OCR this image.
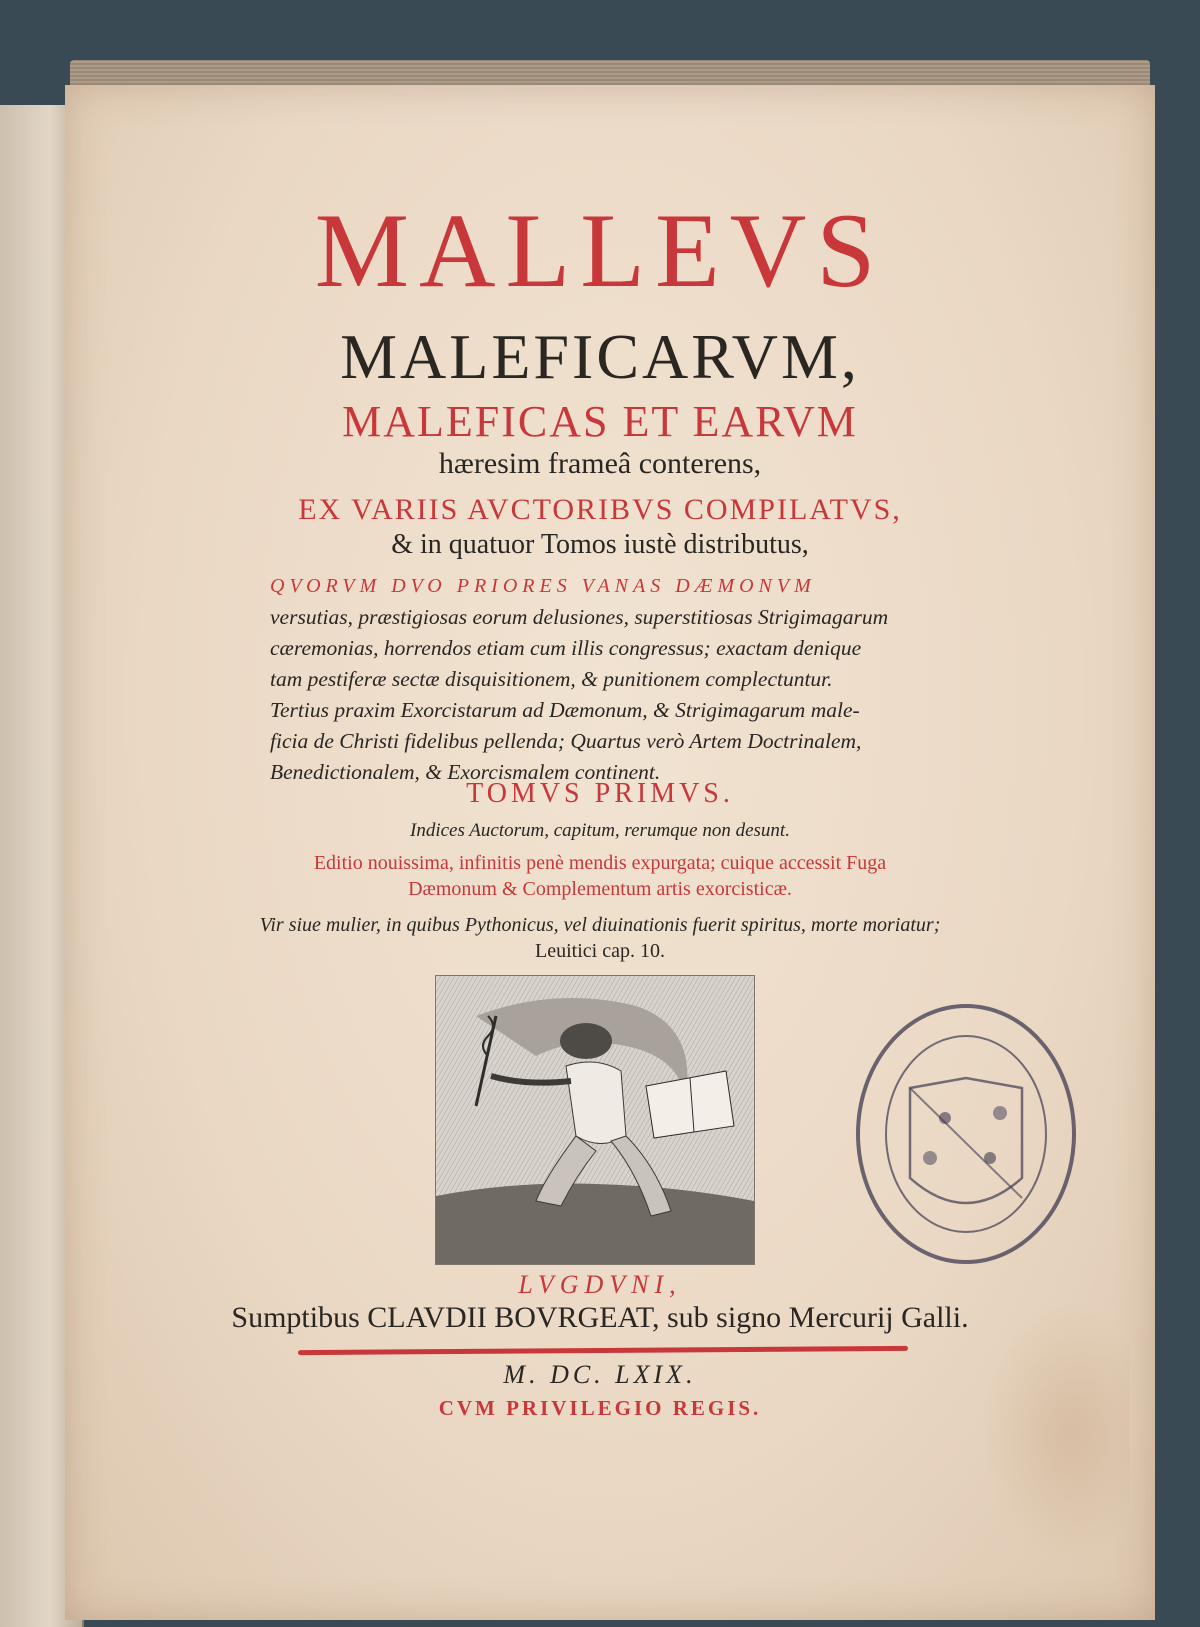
MALLEVS

MALEFICARVM,

MALEFICAS ET EARVM

hæresim frameâ conterens,

EX VARIIS AVCTORIBVS COMPILATVS,

& in quatuor Tomos iustè distributus,

QVORVM DVO PRIORES VANAS DÆMONVM
versutias, præstigiosas eorum delusiones, superstitiosas Strigimagarum
cæremonias, horrendos etiam cum illis congressus; exactam denique
tam pestiferæ sectæ disquisitionem, & punitionem complectuntur.
Tertius praxim Exorcistarum ad Dæmonum, & Strigimagarum male-
ficia de Christi fidelibus pellenda; Quartus verò Artem Doctrinalem,
Benedictionalem, & Exorcismalem continent.

TOMVS PRIMVS.

Indices Auctorum, capitum, rerumque non desunt.

Editio nouissima, infinitis penè mendis expurgata; cuique accessit Fuga
Dæmonum & Complementum artis exorcisticæ.

Vir siue mulier, in quibus Pythonicus, vel diuinationis fuerit spiritus, morte moriatur;
Leuitici cap. 10.

LVGDVNI,

Sumptibus CLAVDII BOVRGEAT, sub signo Mercurij Galli.

M. DC. LXIX.

CVM PRIVILEGIO REGIS.
